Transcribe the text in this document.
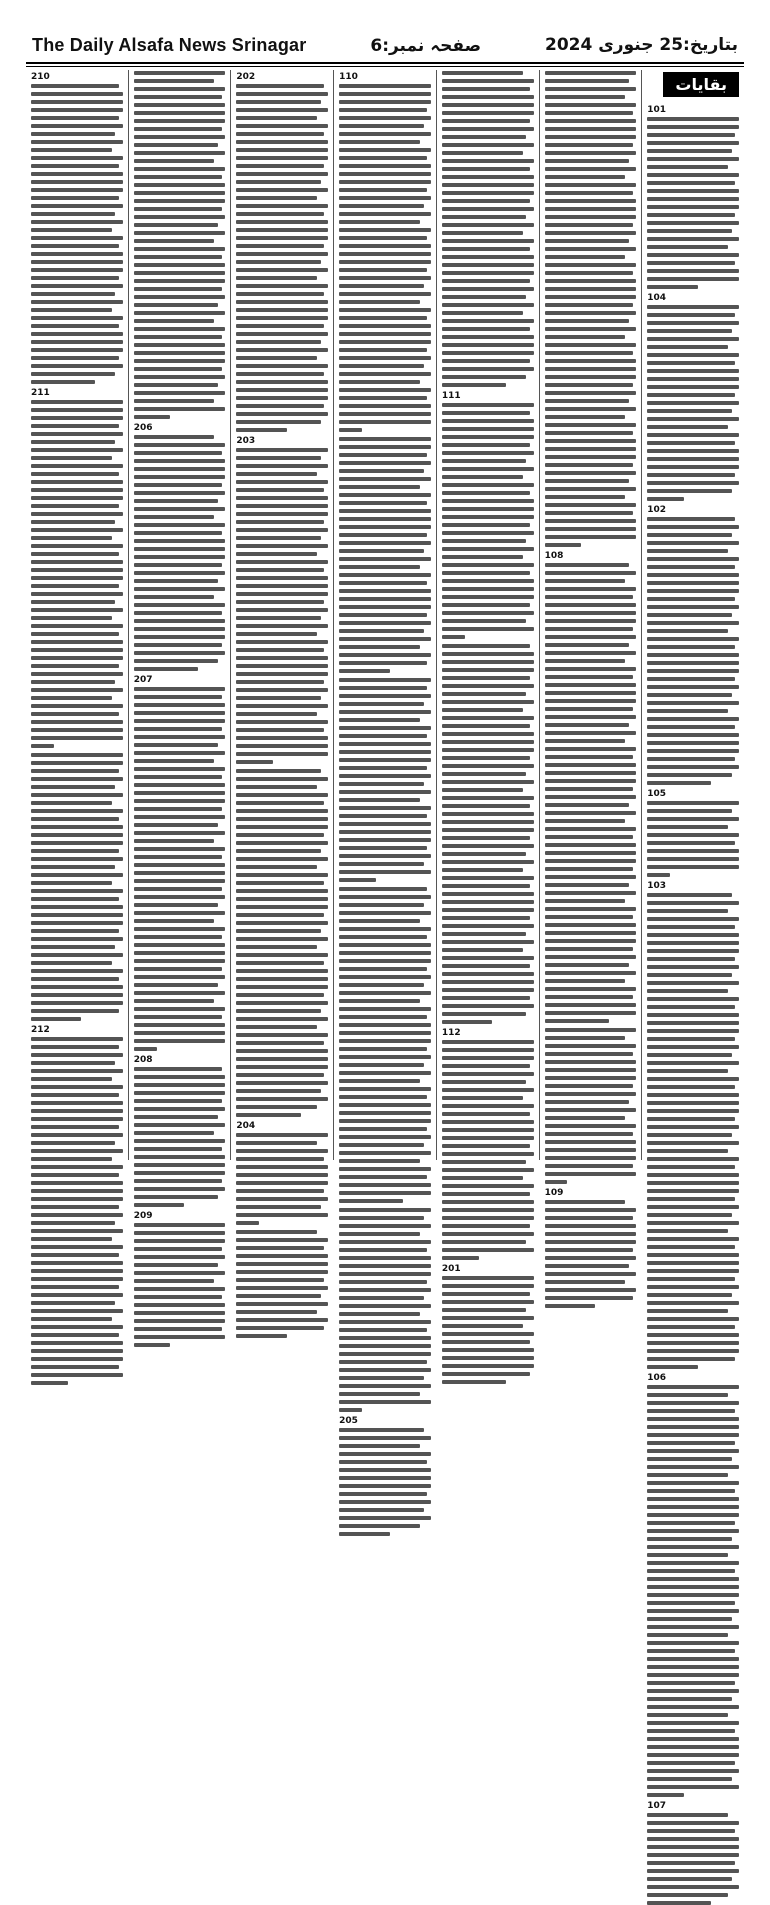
The Daily Alsafa News Srinagar	صفحہ نمبر:6	بتاریخ:25 جنوری 2024
بقایات
101
104
102
105
103
106
107
108
109
111
112
201
110
205
202
203
204
206
207
208
209
210
211
212
